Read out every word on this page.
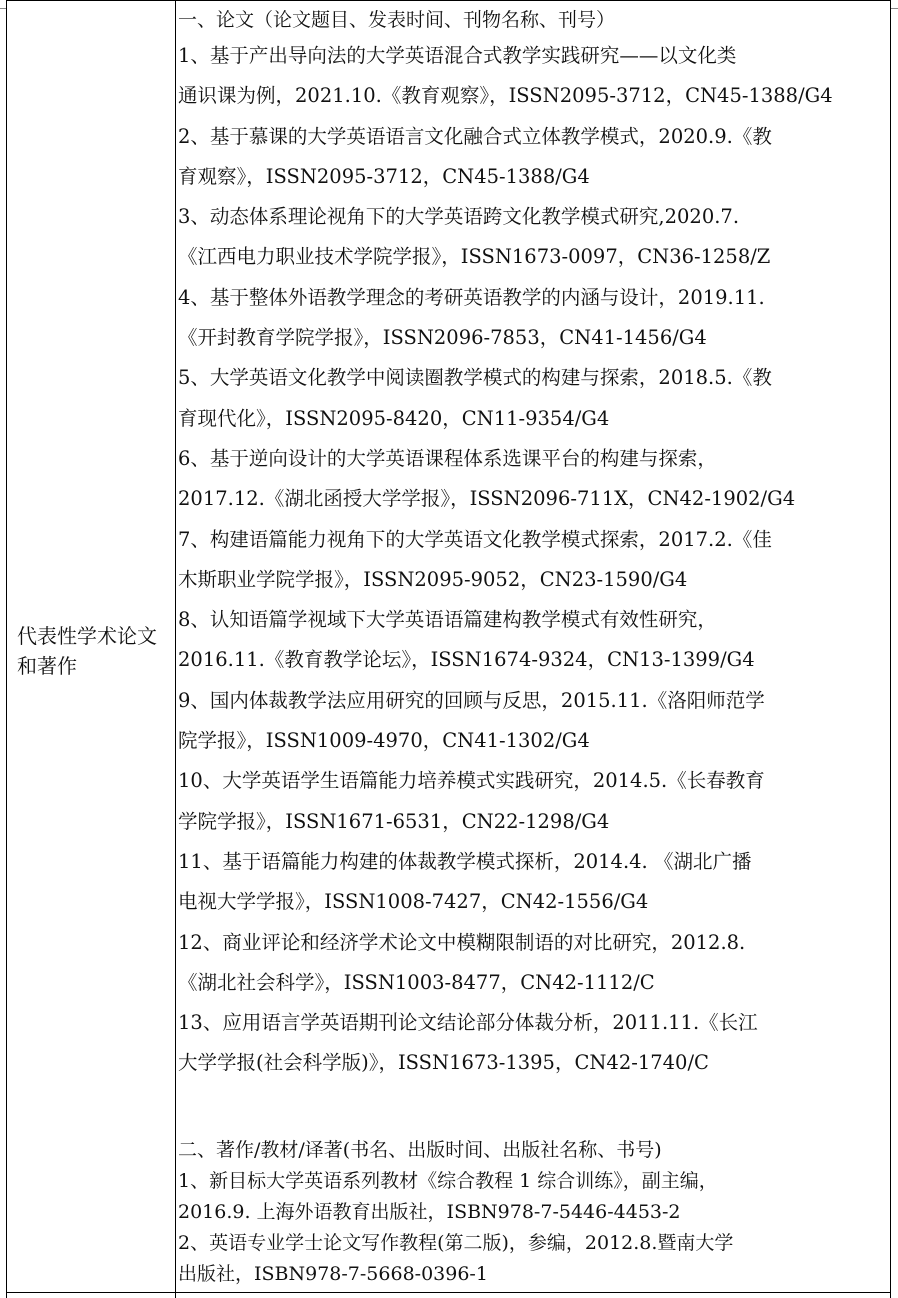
代表性学术论文和著作
一、论文（论文题目、发表时间、刊物名称、刊号）
1、基于产出导向法的大学英语混合式教学实践研究——以文化类
通识课为例，2021.10.《教育观察》，ISSN2095-3712，CN45-1388/G4
2、基于慕课的大学英语语言文化融合式立体教学模式，2020.9.《教
育观察》，ISSN2095-3712，CN45-1388/G4
3、动态体系理论视角下的大学英语跨文化教学模式研究,2020.7.
《江西电力职业技术学院学报》，ISSN1673-0097，CN36-1258/Z
4、基于整体外语教学理念的考研英语教学的内涵与设计，2019.11.
《开封教育学院学报》，ISSN2096-7853，CN41-1456/G4
5、大学英语文化教学中阅读圈教学模式的构建与探索，2018.5.《教
育现代化》，ISSN2095-8420，CN11-9354/G4
6、基于逆向设计的大学英语课程体系选课平台的构建与探索，
2017.12.《湖北函授大学学报》，ISSN2096-711X，CN42-1902/G4
7、构建语篇能力视角下的大学英语文化教学模式探索，2017.2.《佳
木斯职业学院学报》，ISSN2095-9052，CN23-1590/G4
8、认知语篇学视域下大学英语语篇建构教学模式有效性研究，
2016.11.《教育教学论坛》，ISSN1674-9324，CN13-1399/G4
9、国内体裁教学法应用研究的回顾与反思，2015.11.《洛阳师范学
院学报》，ISSN1009-4970，CN41-1302/G4
10、大学英语学生语篇能力培养模式实践研究，2014.5.《长春教育
学院学报》，ISSN1671-6531，CN22-1298/G4
11、基于语篇能力构建的体裁教学模式探析，2014.4. 《湖北广播
电视大学学报》，ISSN1008-7427，CN42-1556/G4
12、商业评论和经济学术论文中模糊限制语的对比研究，2012.8.
《湖北社会科学》，ISSN1003-8477，CN42-1112/C
13、应用语言学英语期刊论文结论部分体裁分析，2011.11.《长江
大学学报(社会科学版)》，ISSN1673-1395，CN42-1740/C
二、著作/教材/译著(书名、出版时间、出版社名称、书号)
1、新目标大学英语系列教材《综合教程 1 综合训练》，副主编，
2016.9. 上海外语教育出版社，ISBN978-7-5446-4453-2
2、英语专业学士论文写作教程(第二版)，参编，2012.8.暨南大学
出版社，ISBN978-7-5668-0396-1
